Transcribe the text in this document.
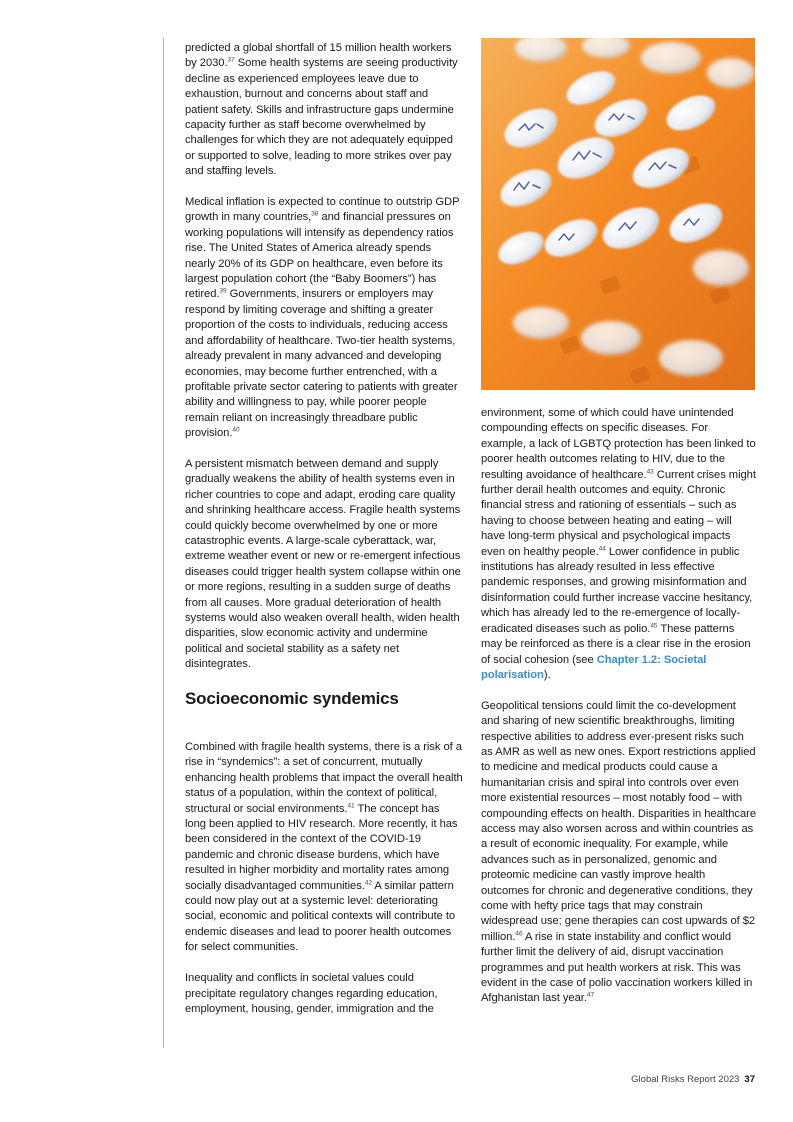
predicted a global shortfall of 15 million health workers by 2030.37 Some health systems are seeing productivity decline as experienced employees leave due to exhaustion, burnout and concerns about staff and patient safety. Skills and infrastructure gaps undermine capacity further as staff become overwhelmed by challenges for which they are not adequately equipped or supported to solve, leading to more strikes over pay and staffing levels.

Medical inflation is expected to continue to outstrip GDP growth in many countries,$^{38}$ and financial pressures on working populations will intensify as dependency ratios rise. The United States of America already spends nearly 20% of its GDP on healthcare, even before its largest population cohort (the “Baby Boomers”) has retired.$^{39}$ Governments, insurers or employers may respond by limiting coverage and shifting a greater proportion of the costs to individuals, reducing access and affordability of healthcare. Two-tier health systems, already prevalent in many advanced and developing economies, may become further entrenched, with a profitable private sector catering to patients with greater ability and willingness to pay, while poorer people remain reliant on increasingly threadbare public provision.$^{40}$

A persistent mismatch between demand and supply gradually weakens the ability of health systems even in richer countries to cope and adapt, eroding care quality and shrinking healthcare access. Fragile health systems could quickly become overwhelmed by one or more catastrophic events. A large-scale cyberattack, war, extreme weather event or new or re-emergent infectious diseases could trigger health system collapse within one or more regions, resulting in a sudden surge of deaths from all causes. More gradual deterioration of health systems would also weaken overall health, widen health disparities, slow economic activity and undermine political and societal stability as a safety net disintegrates.

Socioeconomic syndemics

Combined with fragile health systems, there is a risk of a rise in “syndemics”: a set of concurrent, mutually enhancing health problems that impact the overall health status of a population, within the context of political, structural or social environments.$^{41}$ The concept has long been applied to HIV research. More recently, it has been considered in the context of the COVID-19 pandemic and chronic disease burdens, which have resulted in higher morbidity and mortality rates among socially disadvantaged communities.$^{42}$ A similar pattern could now play out at a systemic level: deteriorating social, economic and political contexts will contribute to endemic diseases and lead to poorer health outcomes for select communities.

Inequality and conflicts in societal values could precipitate regulatory changes regarding education, employment, housing, gender, immigration and the

environment, some of which could have unintended compounding effects on specific diseases. For example, a lack of LGBTQ protection has been linked to poorer health outcomes relating to HIV, due to the resulting avoidance of healthcare.$^{43}$ Current crises might further derail health outcomes and equity. Chronic financial stress and rationing of essentials – such as having to choose between heating and eating – will have long-term physical and psychological impacts even on healthy people.$^{44}$ Lower confidence in public institutions has already resulted in less effective pandemic responses, and growing misinformation and disinformation could further increase vaccine hesitancy, which has already led to the re-emergence of locally-eradicated diseases such as polio.$^{45}$ These patterns may be reinforced as there is a clear rise in the erosion of social cohesion (see Chapter 1.2: Societal polarisation).

Geopolitical tensions could limit the co-development and sharing of new scientific breakthroughs, limiting respective abilities to address ever-present risks such as AMR as well as new ones. Export restrictions applied to medicine and medical products could cause a humanitarian crisis and spiral into controls over even more existential resources – most notably food – with compounding effects on health. Disparities in healthcare access may also worsen across and within countries as a result of economic inequality. For example, while advances such as in personalized, genomic and proteomic medicine can vastly improve health outcomes for chronic and degenerative conditions, they come with hefty price tags that may constrain widespread use; gene therapies can cost upwards of $2 million.$^{46}$ A rise in state instability and conflict would further limit the delivery of aid, disrupt vaccination programmes and put health workers at risk. This was evident in the case of polio vaccination workers killed in Afghanistan last year.$^{47}$

Global Risks Report 2023 37
